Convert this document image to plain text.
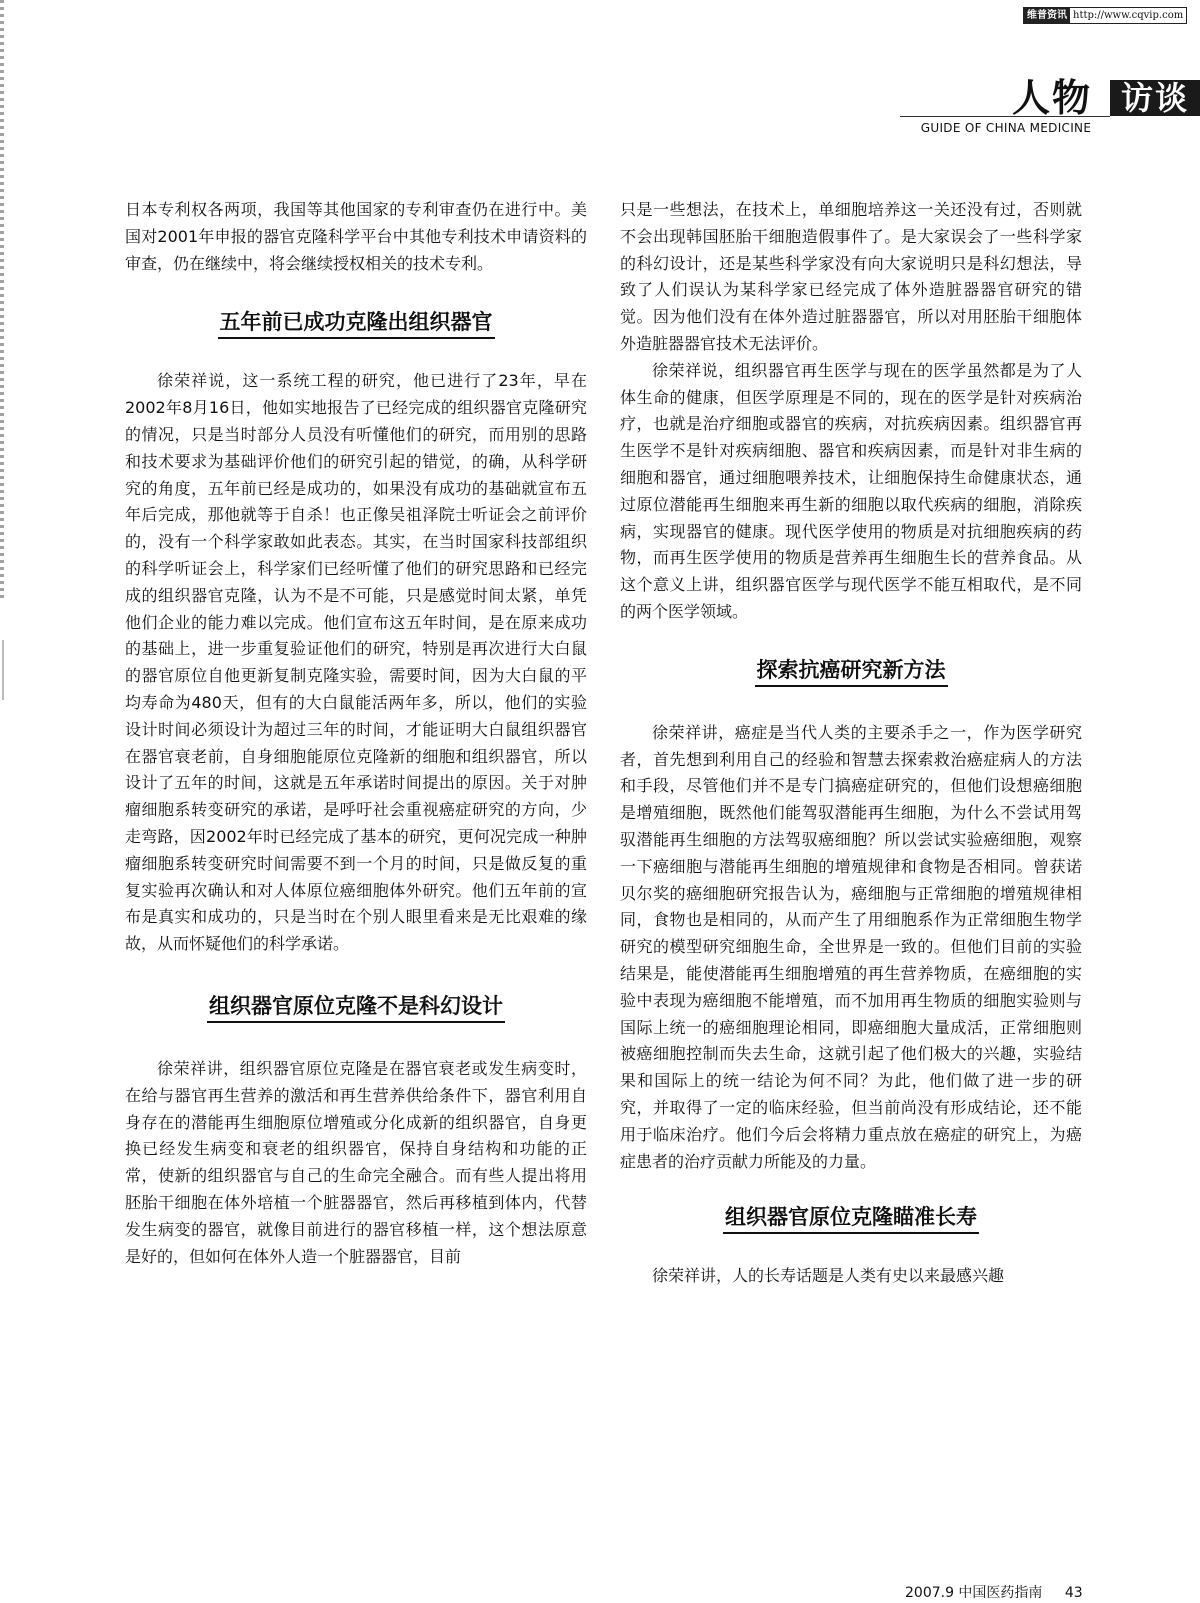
维普资讯 http://www.cqvip.com
人物 访谈
GUIDE OF CHINA MEDICINE

日本专利权各两项，我国等其他国家的专利审查仍在进行中。美国对2001年申报的器官克隆科学平台中其他专利技术申请资料的审查，仍在继续中，将会继续授权相关的技术专利。

五年前已成功克隆出组织器官

徐荣祥说，这一系统工程的研究，他已进行了23年，早在2002年8月16日，他如实地报告了已经完成的组织器官克隆研究的情况，只是当时部分人员没有听懂他们的研究，而用别的思路和技术要求为基础评价他们的研究引起的错觉，的确，从科学研究的角度，五年前已经是成功的，如果没有成功的基础就宣布五年后完成，那他就等于自杀！也正像吴祖泽院士听证会之前评价的，没有一个科学家敢如此表态。其实，在当时国家科技部组织的科学听证会上，科学家们已经听懂了他们的研究思路和已经完成的组织器官克隆，认为不是不可能，只是感觉时间太紧，单凭他们企业的能力难以完成。他们宣布这五年时间，是在原来成功的基础上，进一步重复验证他们的研究，特别是再次进行大白鼠的器官原位自他更新复制克隆实验，需要时间，因为大白鼠的平均寿命为480天，但有的大白鼠能活两年多，所以，他们的实验设计时间必须设计为超过三年的时间，才能证明大白鼠组织器官在器官衰老前，自身细胞能原位克隆新的细胞和组织器官，所以设计了五年的时间，这就是五年承诺时间提出的原因。关于对肿瘤细胞系转变研究的承诺，是呼吁社会重视癌症研究的方向，少走弯路，因2002年时已经完成了基本的研究，更何况完成一种肿瘤细胞系转变研究时间需要不到一个月的时间，只是做反复的重复实验再次确认和对人体原位癌细胞体外研究。他们五年前的宣布是真实和成功的，只是当时在个别人眼里看来是无比艰难的缘故，从而怀疑他们的科学承诺。

组织器官原位克隆不是科幻设计

徐荣祥讲，组织器官原位克隆是在器官衰老或发生病变时，在给与器官再生营养的激活和再生营养供给条件下，器官利用自身存在的潜能再生细胞原位增殖或分化成新的组织器官，自身更换已经发生病变和衰老的组织器官，保持自身结构和功能的正常，使新的组织器官与自己的生命完全融合。而有些人提出将用胚胎干细胞在体外培植一个脏器器官，然后再移植到体内，代替发生病变的器官，就像目前进行的器官移植一样，这个想法原意是好的，但如何在体外人造一个脏器器官，目前

只是一些想法，在技术上，单细胞培养这一关还没有过，否则就不会出现韩国胚胎干细胞造假事件了。是大家误会了一些科学家的科幻设计，还是某些科学家没有向大家说明只是科幻想法，导致了人们误认为某科学家已经完成了体外造脏器器官研究的错觉。因为他们没有在体外造过脏器器官，所以对用胚胎干细胞体外造脏器器官技术无法评价。

徐荣祥说，组织器官再生医学与现在的医学虽然都是为了人体生命的健康，但医学原理是不同的，现在的医学是针对疾病治疗，也就是治疗细胞或器官的疾病，对抗疾病因素。组织器官再生医学不是针对疾病细胞、器官和疾病因素，而是针对非生病的细胞和器官，通过细胞喂养技术，让细胞保持生命健康状态，通过原位潜能再生细胞来再生新的细胞以取代疾病的细胞，消除疾病，实现器官的健康。现代医学使用的物质是对抗细胞疾病的药物，而再生医学使用的物质是营养再生细胞生长的营养食品。从这个意义上讲，组织器官医学与现代医学不能互相取代，是不同的两个医学领域。

探索抗癌研究新方法

徐荣祥讲，癌症是当代人类的主要杀手之一，作为医学研究者，首先想到利用自己的经验和智慧去探索救治癌症病人的方法和手段，尽管他们并不是专门搞癌症研究的，但他们设想癌细胞是增殖细胞，既然他们能驾驭潜能再生细胞，为什么不尝试用驾驭潜能再生细胞的方法驾驭癌细胞？所以尝试实验癌细胞，观察一下癌细胞与潜能再生细胞的增殖规律和食物是否相同。曾获诺贝尔奖的癌细胞研究报告认为，癌细胞与正常细胞的增殖规律相同，食物也是相同的，从而产生了用细胞系作为正常细胞生物学研究的模型研究细胞生命，全世界是一致的。但他们目前的实验结果是，能使潜能再生细胞增殖的再生营养物质，在癌细胞的实验中表现为癌细胞不能增殖，而不加用再生物质的细胞实验则与国际上统一的癌细胞理论相同，即癌细胞大量成活，正常细胞则被癌细胞控制而失去生命，这就引起了他们极大的兴趣，实验结果和国际上的统一结论为何不同？为此，他们做了进一步的研究，并取得了一定的临床经验，但当前尚没有形成结论，还不能用于临床治疗。他们今后会将精力重点放在癌症的研究上，为癌症患者的治疗贡献力所能及的力量。

组织器官原位克隆瞄准长寿

徐荣祥讲，人的长寿话题是人类有史以来最感兴趣

2007.9 中国医药指南 43
